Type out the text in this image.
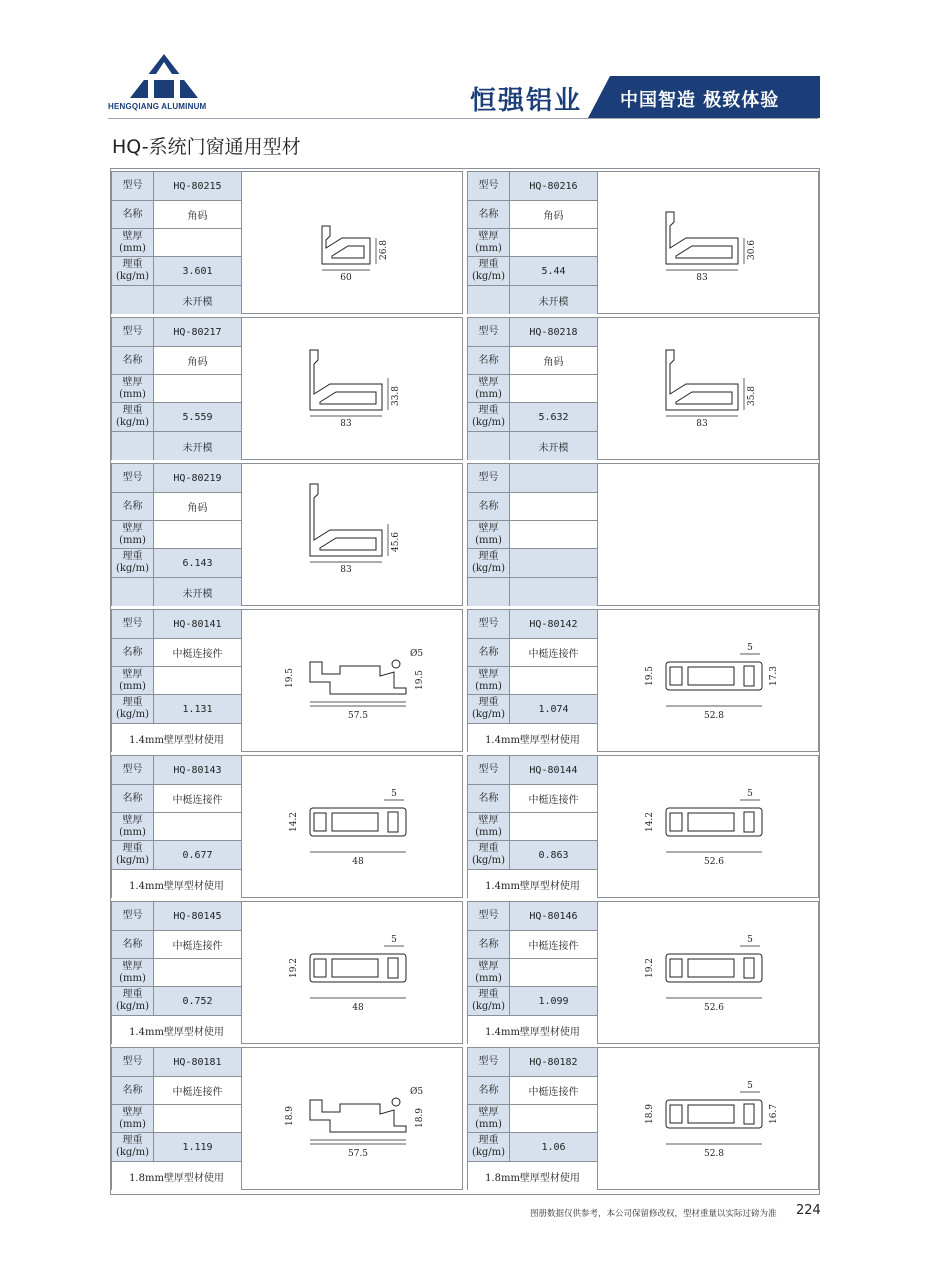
HENGQIANG ALUMINUM	恒强铝业 中国智造 极致体验
HQ-系统门窗通用型材
型号	HQ-80215
名称	角码
壁厚
(mm)
理重
(kg/m)	3.601
未开模
60
26.8
型号	HQ-80216
名称	角码
壁厚
(mm)
理重
(kg/m)	5.44
未开模
83
30.6
型号	HQ-80217
名称	角码
壁厚
(mm)
理重
(kg/m)	5.559
未开模
83
33.8
型号	HQ-80218
名称	角码
壁厚
(mm)
理重
(kg/m)	5.632
未开模
83
35.8
型号	HQ-80219
名称	角码
壁厚
(mm)
理重
(kg/m)	6.143
未开模
83
45.6
型号
名称
壁厚
(mm)
理重
(kg/m)
型号	HQ-80141
名称	中梃连接件
壁厚
(mm)
理重
(kg/m)	1.131
1.4mm壁厚型材使用
Ø5
19.5	19.5
57.5
型号	HQ-80142
名称	中梃连接件
壁厚
(mm)
理重
(kg/m)	1.074
1.4mm壁厚型材使用
5
19.5	17.3
52.8
型号	HQ-80143
名称	中梃连接件
壁厚
(mm)
理重
(kg/m)	0.677
1.4mm壁厚型材使用
5
14.2
48
型号	HQ-80144
名称	中梃连接件
壁厚
(mm)
理重
(kg/m)	0.863
1.4mm壁厚型材使用
5
14.2
52.6
型号	HQ-80145
名称	中梃连接件
壁厚
(mm)
理重
(kg/m)	0.752
1.4mm壁厚型材使用
5
19.2
48
型号	HQ-80146
名称	中梃连接件
壁厚
(mm)
理重
(kg/m)	1.099
1.4mm壁厚型材使用
5
19.2
52.6
型号	HQ-80181
名称	中梃连接件
壁厚
(mm)
理重
(kg/m)	1.119
1.8mm壁厚型材使用
Ø5
18.9	18.9
57.5
型号	HQ-80182
名称	中梃连接件
壁厚
(mm)
理重
(kg/m)	1.06
1.8mm壁厚型材使用
5
18.9	16.7
52.8
图册数据仅供参考，本公司保留修改权，型材重量以实际过磅为准 224
